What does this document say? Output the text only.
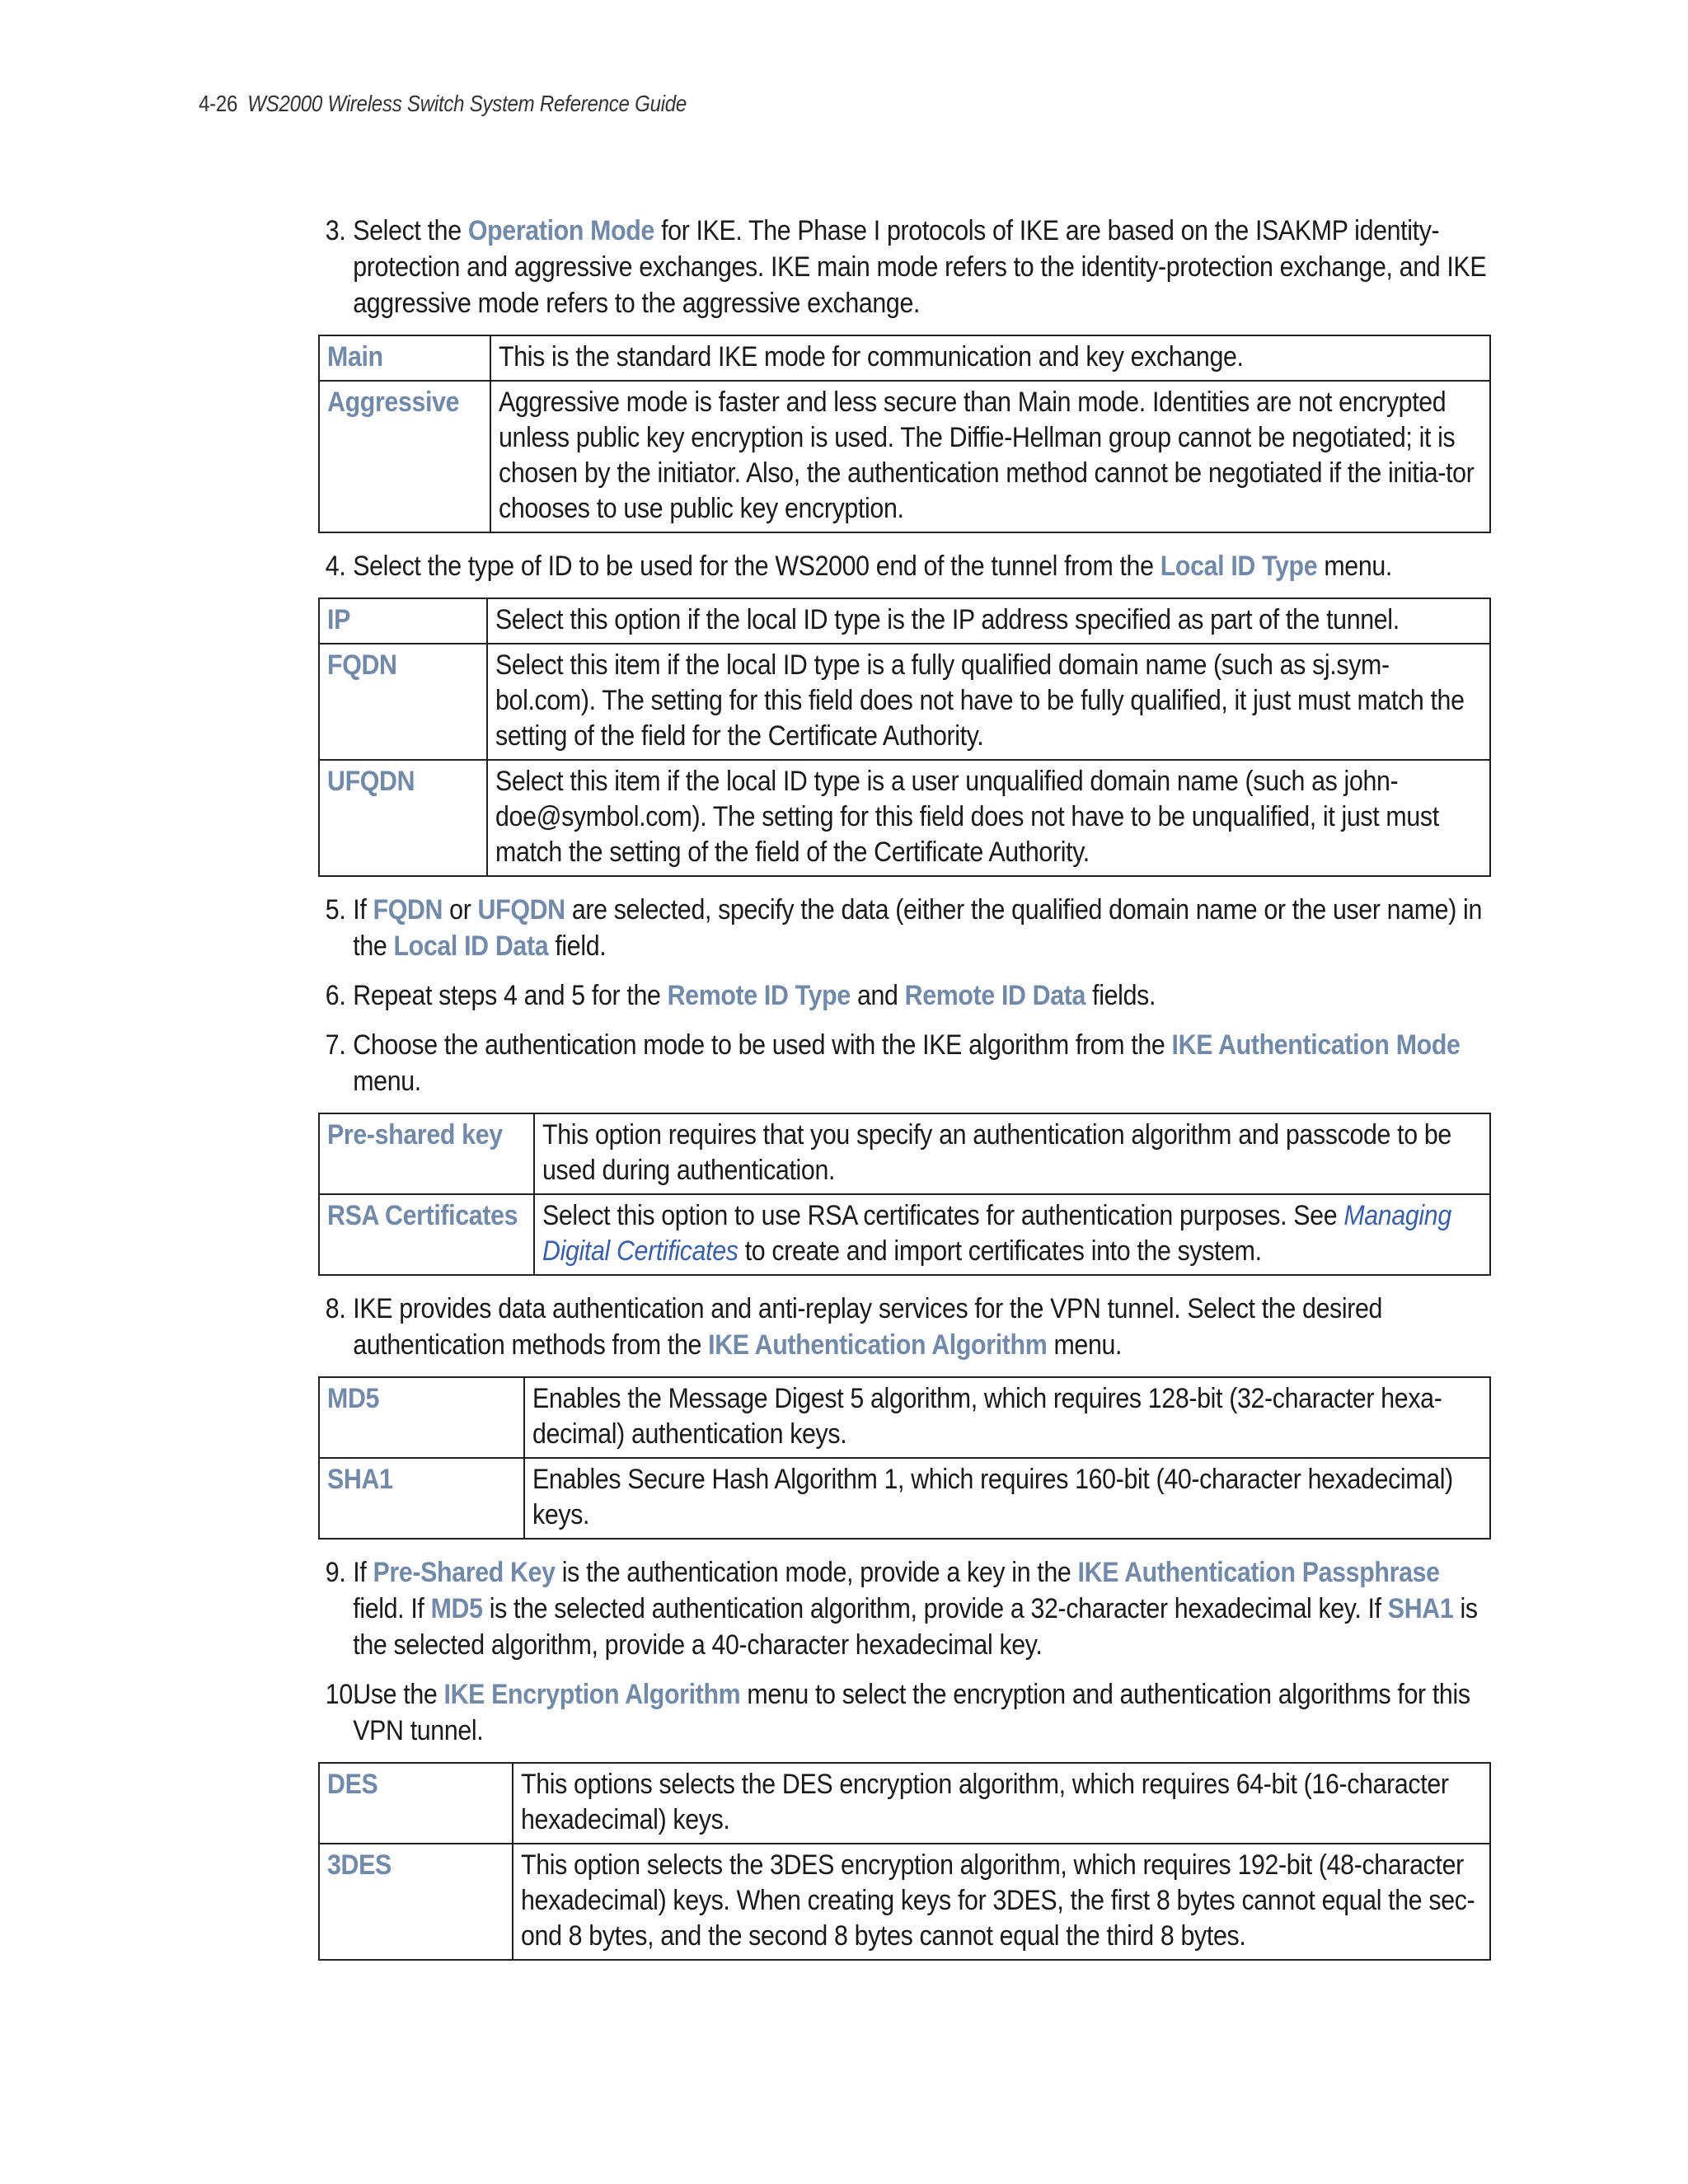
4-26 WS2000 Wireless Switch System Reference Guide
3. Select the Operation Mode for IKE. The Phase I protocols of IKE are based on the ISAKMP identity-protection and aggressive exchanges. IKE main mode refers to the identity-protection exchange, and IKE aggressive mode refers to the aggressive exchange.
Main	This is the standard IKE mode for communication and key exchange.

Aggressive	Aggressive mode is faster and less secure than Main mode. Identities are not encrypted unless public key encryption is used. The Diffie-Hellman group cannot be negotiated; it is chosen by the initiator. Also, the authentication method cannot be negotiated if the initia-tor chooses to use public key encryption.
4. Select the type of ID to be used for the WS2000 end of the tunnel from the Local ID Type menu.
IP	Select this option if the local ID type is the IP address specified as part of the tunnel.

FQDN	Select this item if the local ID type is a fully qualified domain name (such as sj.sym-bol.com). The setting for this field does not have to be fully qualified, it just must match the setting of the field for the Certificate Authority.

UFQDN	Select this item if the local ID type is a user unqualified domain name (such as john-doe@symbol.com). The setting for this field does not have to be unqualified, it just must match the setting of the field of the Certificate Authority.
5. If FQDN or UFQDN are selected, specify the data (either the qualified domain name or the user name) in the Local ID Data field.
6. Repeat steps 4 and 5 for the Remote ID Type and Remote ID Data fields.
7. Choose the authentication mode to be used with the IKE algorithm from the IKE Authentication Mode menu.
Pre-shared key	This option requires that you specify an authentication algorithm and passcode to be used during authentication.

RSA Certificates	Select this option to use RSA certificates for authentication purposes. See Managing Digital Certificates to create and import certificates into the system.
8. IKE provides data authentication and anti-replay services for the VPN tunnel. Select the desired authentication methods from the IKE Authentication Algorithm menu.
MD5	Enables the Message Digest 5 algorithm, which requires 128-bit (32-character hexa-decimal) authentication keys.

SHA1	Enables Secure Hash Algorithm 1, which requires 160-bit (40-character hexadecimal) keys.
9. If Pre-Shared Key is the authentication mode, provide a key in the IKE Authentication Passphrase field. If MD5 is the selected authentication algorithm, provide a 32-character hexadecimal key. If SHA1 is the selected algorithm, provide a 40-character hexadecimal key.
10.
Use the IKE Encryption Algorithm menu to select the encryption and authentication algorithms for this VPN tunnel.
DES	This options selects the DES encryption algorithm, which requires 64-bit (16-character hexadecimal) keys.

3DES	This option selects the 3DES encryption algorithm, which requires 192-bit (48-character hexadecimal) keys. When creating keys for 3DES, the first 8 bytes cannot equal the sec-ond 8 bytes, and the second 8 bytes cannot equal the third 8 bytes.
